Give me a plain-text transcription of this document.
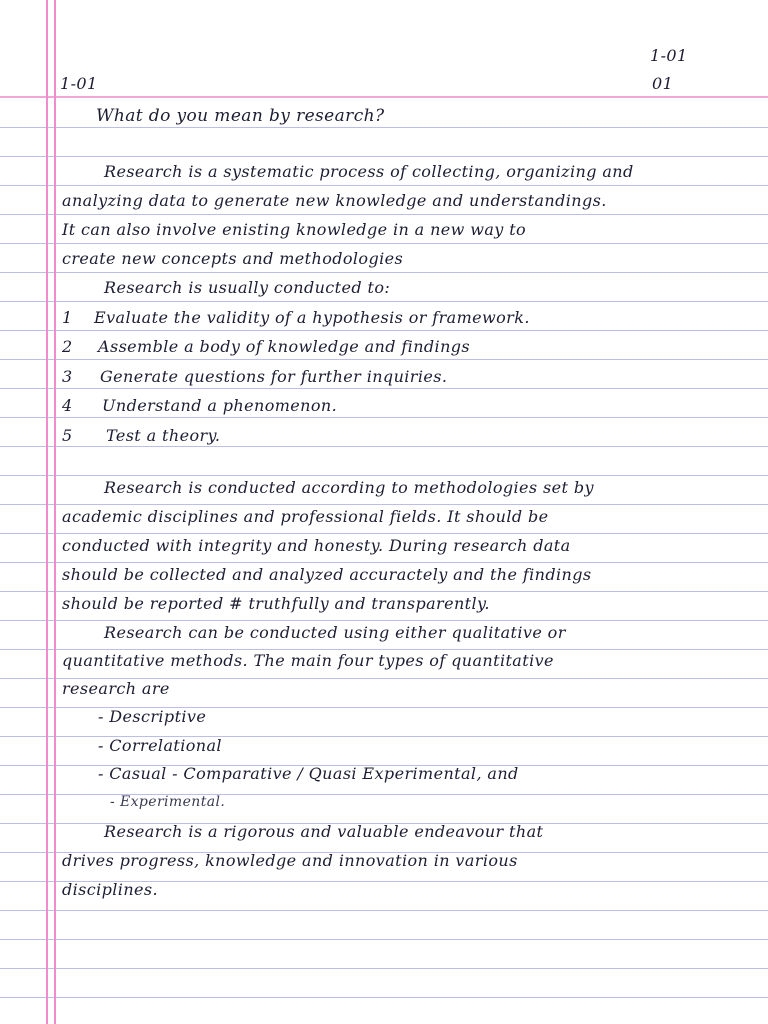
1-01
1-01
01
What do you mean by research?
Research is a systematic process of collecting, organizing and
analyzing data to generate new knowledge and understandings.
It can also involve enisting knowledge in a new way to
create new concepts and methodologies
Research is usually conducted to:
1 Evaluate the validity of a hypothesis or framework.
2 Assemble a body of knowledge and findings
3 Generate questions for further inquiries.
4 Understand a phenomenon.
5 Test a theory.
Research is conducted according to methodologies set by
academic disciplines and professional fields. It should be
conducted with integrity and honesty. During research data
should be collected and analyzed accuractely and the findings
should be reported # truthfully and transparently.
Research can be conducted using either qualitative or
quantitative methods. The main four types of quantitative
research are
- Descriptive
- Correlational
- Casual - Comparative / Quasi Experimental, and
- Experimental.
Research is a rigorous and valuable endeavour that
drives progress, knowledge and innovation in various
disciplines.
